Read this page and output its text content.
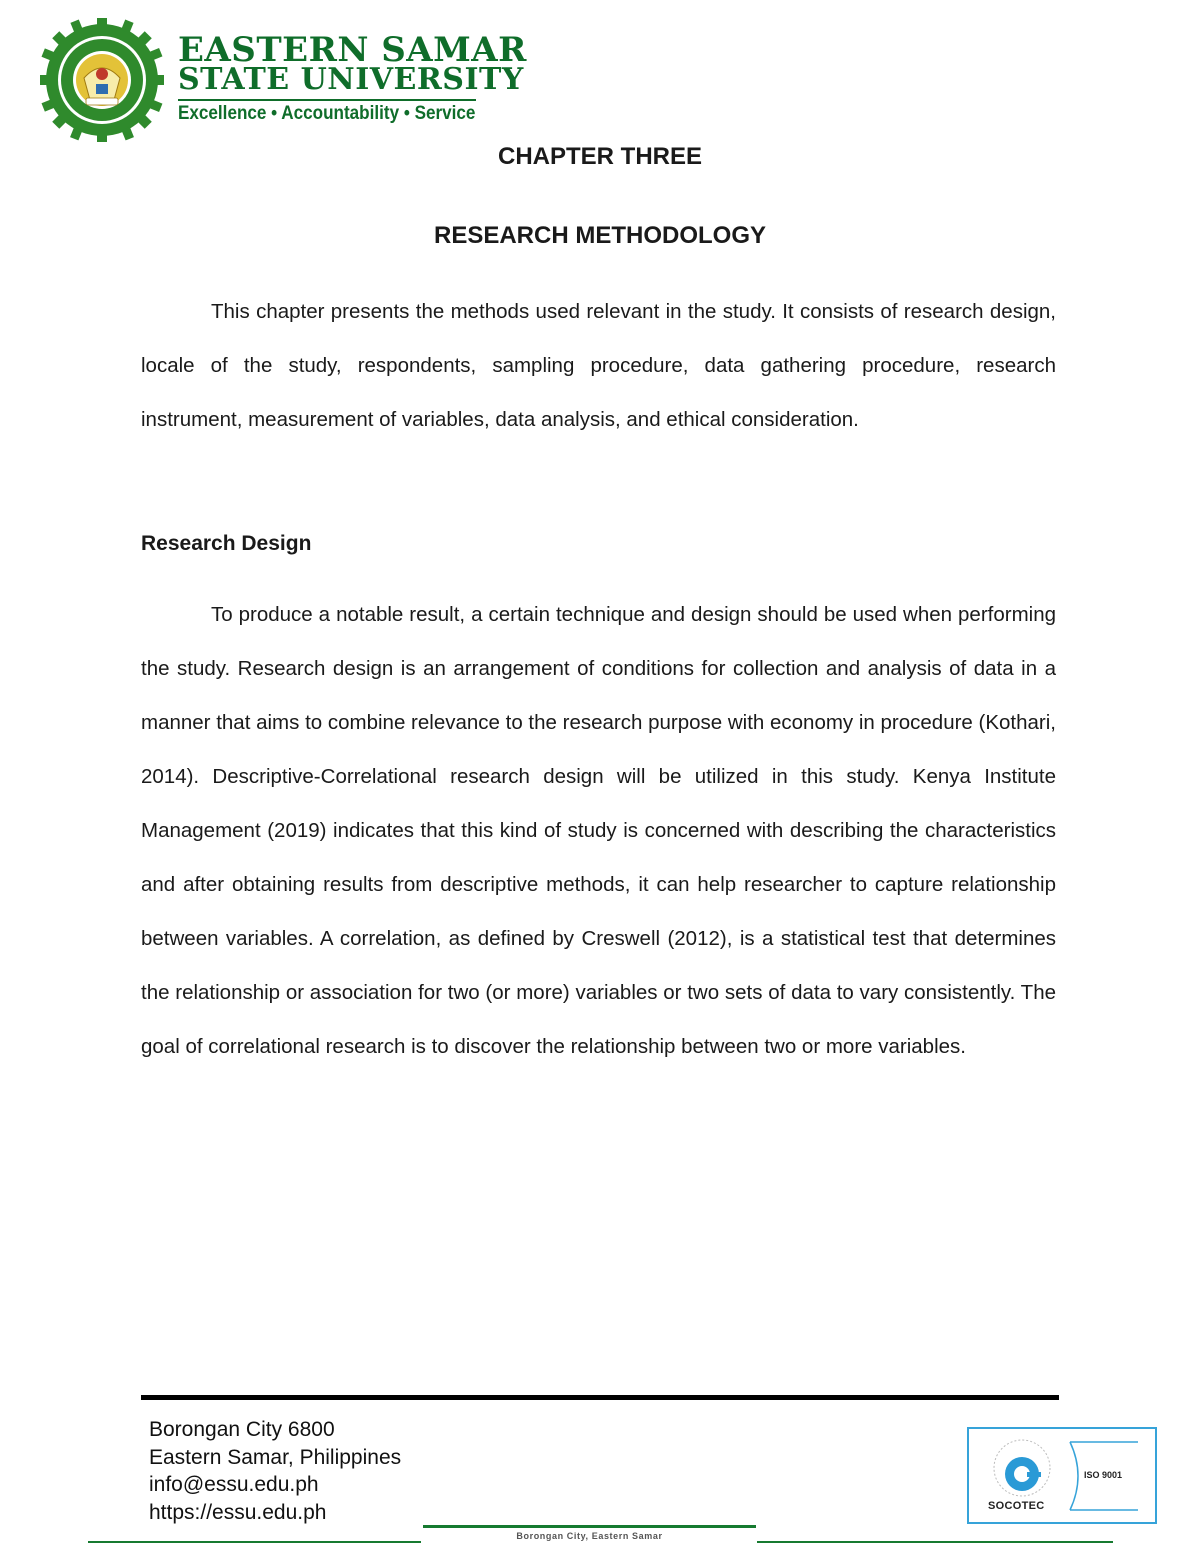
EASTERN SAMAR
STATE UNIVERSITY
Excellence • Accountability • Service
CHAPTER THREE
RESEARCH METHODOLOGY

This chapter presents the methods used relevant in the study. It consists of research design, locale of the study, respondents, sampling procedure, data gathering procedure, research instrument, measurement of variables, data analysis, and ethical consideration.

Research Design

To produce a notable result, a certain technique and design should be used when performing the study. Research design is an arrangement of conditions for collection and analysis of data in a manner that aims to combine relevance to the research purpose with economy in procedure (Kothari, 2014). Descriptive-Correlational research design will be utilized in this study. Kenya Institute Management (2019) indicates that this kind of study is concerned with describing the characteristics and after obtaining results from descriptive methods, it can help researcher to capture relationship between variables. A correlation, as defined by Creswell (2012), is a statistical test that determines the relationship or association for two (or more) variables or two sets of data to vary consistently. The goal of correlational research is to discover the relationship between two or more variables.

Borongan City 6800
Eastern Samar, Philippines
info@essu.edu.ph
https://essu.edu.ph
ISO 9001
SOCOTEC
Borongan City, Eastern Samar
